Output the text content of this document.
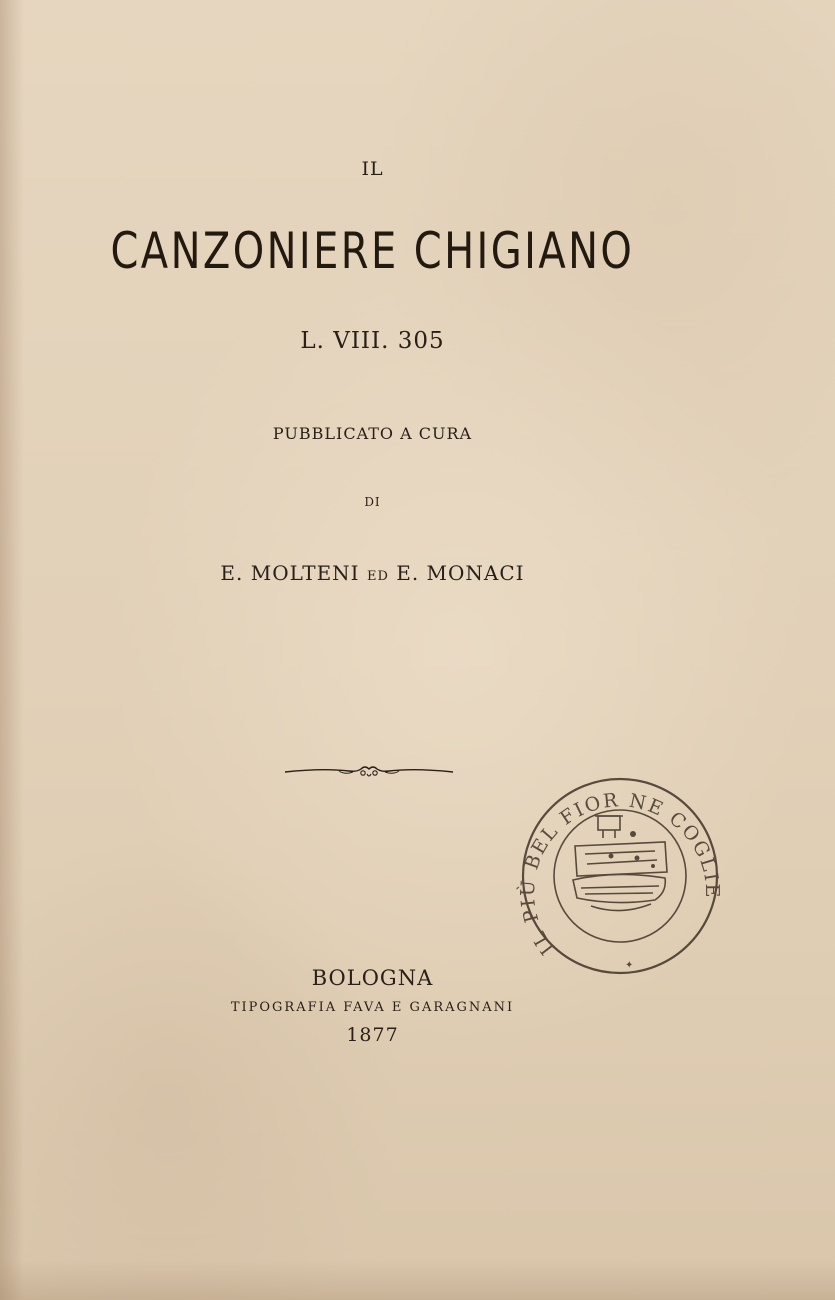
IL
CANZONIERE CHIGIANO
L. VIII. 305
PUBBLICATO A CURA
DI
E. MOLTENI ED E. MONACI
IL PIÙ BEL FIOR NE COGLIE
✦
BOLOGNA
TIPOGRAFIA FAVA E GARAGNANI
1877
